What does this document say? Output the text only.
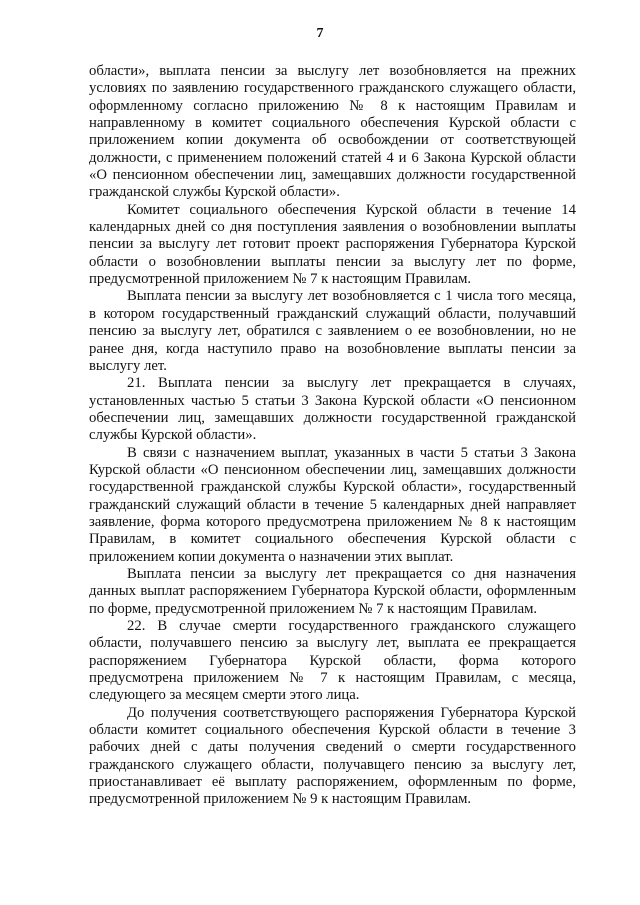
7

области», выплата пенсии за выслугу лет возобновляется на прежних условиях по заявлению государственного гражданского служащего области, оформленному согласно приложению № 8 к настоящим Правилам и направленному в комитет социального обеспечения Курской области с приложением копии документа об освобождении от соответствующей должности, с применением положений статей 4 и 6 Закона Курской области «О пенсионном обеспечении лиц, замещавших должности государственной гражданской службы Курской области».

Комитет социального обеспечения Курской области в течение 14 календарных дней со дня поступления заявления о возобновлении выплаты пенсии за выслугу лет готовит проект распоряжения Губернатора Курской области о возобновлении выплаты пенсии за выслугу лет по форме, предусмотренной приложением № 7 к настоящим Правилам.

Выплата пенсии за выслугу лет возобновляется с 1 числа того месяца, в котором государственный гражданский служащий области, получавший пенсию за выслугу лет, обратился с заявлением о ее возобновлении, но не ранее дня, когда наступило право на возобновление выплаты пенсии за выслугу лет.

21. Выплата пенсии за выслугу лет прекращается в случаях, установленных частью 5 статьи 3 Закона Курской области «О пенсионном обеспечении лиц, замещавших должности государственной гражданской службы Курской области».

В связи с назначением выплат, указанных в части 5 статьи 3 Закона Курской области «О пенсионном обеспечении лиц, замещавших должности государственной гражданской службы Курской области», государственный гражданский служащий области в течение 5 календарных дней направляет заявление, форма которого предусмотрена приложением № 8 к настоящим Правилам, в комитет социального обеспечения Курской области с приложением копии документа о назначении этих выплат.

Выплата пенсии за выслугу лет прекращается со дня назначения данных выплат распоряжением Губернатора Курской области, оформленным по форме, предусмотренной приложением № 7 к настоящим Правилам.

22. В случае смерти государственного гражданского служащего области, получавшего пенсию за выслугу лет, выплата ее прекращается распоряжением Губернатора Курской области, форма которого предусмотрена приложением № 7 к настоящим Правилам, с месяца, следующего за месяцем смерти этого лица.

До получения соответствующего распоряжения Губернатора Курской области комитет социального обеспечения Курской области в течение 3 рабочих дней с даты получения сведений о смерти государственного гражданского служащего области, получавщего пенсию за выслугу лет, приостанавливает её выплату распоряжением, оформленным по форме, предусмотренной приложением № 9 к настоящим Правилам.
